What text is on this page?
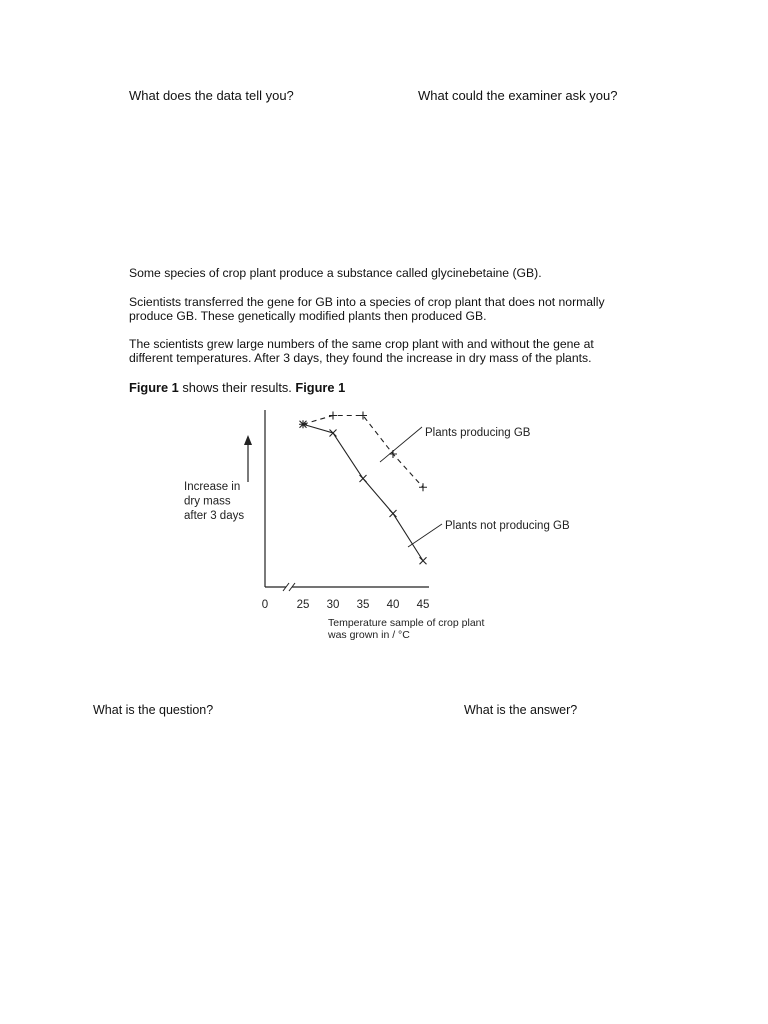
What does the data tell you?	What could the examiner ask you?
Some species of crop plant produce a substance called glycinebetaine (GB).
Scientists transferred the gene for GB into a species of crop plant that does not normally
produce GB. These genetically modified plants then produced GB.
The scientists grew large numbers of the same crop plant with and without the gene at
different temperatures. After 3 days, they found the increase in dry mass of the plants.
Figure 1 shows their results. Figure 1
0 25 30 35 40 45
Increase in
dry mass
after 3 days
Temperature sample of crop plant
was grown in / °C
Plants producing GB
Plants not producing GB
What is the question?	What is the answer?
